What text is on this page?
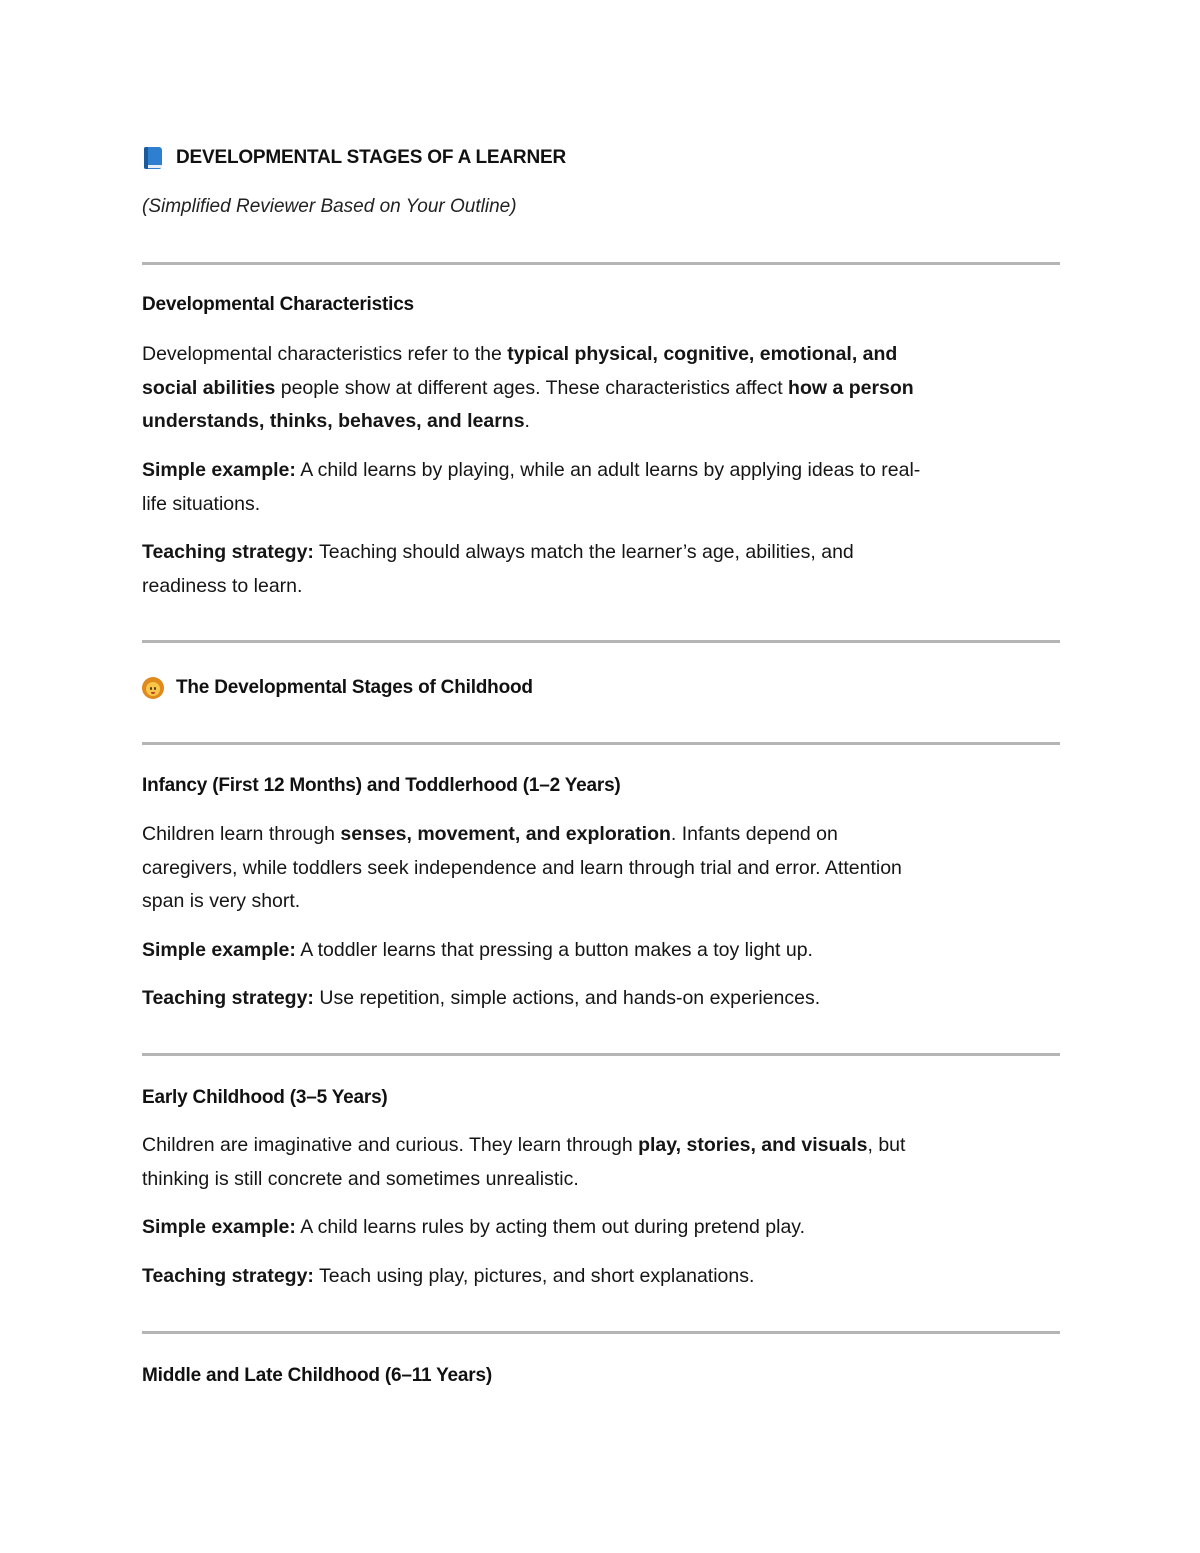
DEVELOPMENTAL STAGES OF A LEARNER
(Simplified Reviewer Based on Your Outline)
Developmental Characteristics
Developmental characteristics refer to the typical physical, cognitive, emotional, and
social abilities people show at different ages. These characteristics affect how a person
understands, thinks, behaves, and learns.
Simple example: A child learns by playing, while an adult learns by applying ideas to real-
life situations.
Teaching strategy: Teaching should always match the learner’s age, abilities, and
readiness to learn.
The Developmental Stages of Childhood
Infancy (First 12 Months) and Toddlerhood (1–2 Years)
Children learn through senses, movement, and exploration. Infants depend on
caregivers, while toddlers seek independence and learn through trial and error. Attention
span is very short.
Simple example: A toddler learns that pressing a button makes a toy light up.
Teaching strategy: Use repetition, simple actions, and hands-on experiences.
Early Childhood (3–5 Years)
Children are imaginative and curious. They learn through play, stories, and visuals, but
thinking is still concrete and sometimes unrealistic.
Simple example: A child learns rules by acting them out during pretend play.
Teaching strategy: Teach using play, pictures, and short explanations.
Middle and Late Childhood (6–11 Years)
